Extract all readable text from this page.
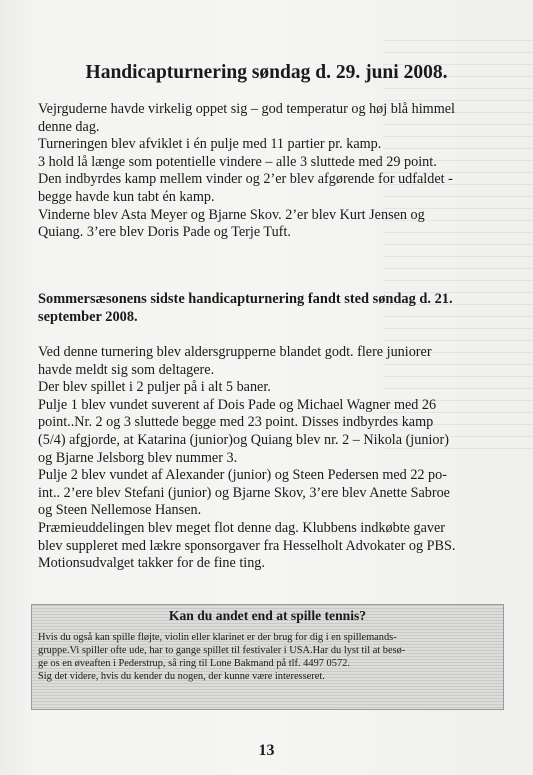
Handicapturnering søndag d. 29. juni 2008.

Vejrguderne havde virkelig oppet sig – god temperatur og høj blå himmel

denne dag.

Turneringen blev afviklet i én pulje med 11 partier pr. kamp.

3 hold lå længe som potentielle vindere – alle 3 sluttede med 29 point.

Den indbyrdes kamp mellem vinder og 2’er blev afgørende for udfaldet -

begge havde kun tabt én kamp.

Vinderne blev Asta Meyer og Bjarne Skov. 2’er blev Kurt Jensen og

Quiang. 3’ere blev Doris Pade og Terje Tuft.

Sommersæsonens sidste handicapturnering fandt sted søndag d. 21.
september 2008.

Ved denne turnering blev aldersgrupperne blandet godt. flere juniorer

havde meldt sig som deltagere.

Der blev spillet i 2 puljer på i alt 5 baner.

Pulje 1 blev vundet suverent af Dois Pade og Michael Wagner med 26

point..Nr. 2 og 3 sluttede begge med 23 point. Disses indbyrdes kamp

(5/4) afgjorde, at Katarina (junior)og Quiang blev nr. 2 – Nikola (junior)

og Bjarne Jelsborg blev nummer 3.

Pulje 2 blev vundet af Alexander (junior) og Steen Pedersen med 22 po-

int.. 2’ere blev Stefani (junior) og Bjarne Skov, 3’ere blev Anette Sabroe

og Steen Nellemose Hansen.

Præmieuddelingen blev meget flot denne dag. Klubbens indkøbte gaver

blev suppleret med lækre sponsorgaver fra Hesselholt Advokater og PBS.

Motionsudvalget takker for de fine ting.

Kan du andet end at spille tennis?

Hvis du også kan spille fløjte, violin eller klarinet er der brug for dig i en spillemands-

gruppe.Vi spiller ofte ude, har to gange spillet til festivaler i USA.Har du lyst til at besø-

ge os en øveaften i Pederstrup, så ring til Lone Bakmand på tlf. 4497 0572.

Sig det videre, hvis du kender du nogen, der kunne være interesseret.

13
